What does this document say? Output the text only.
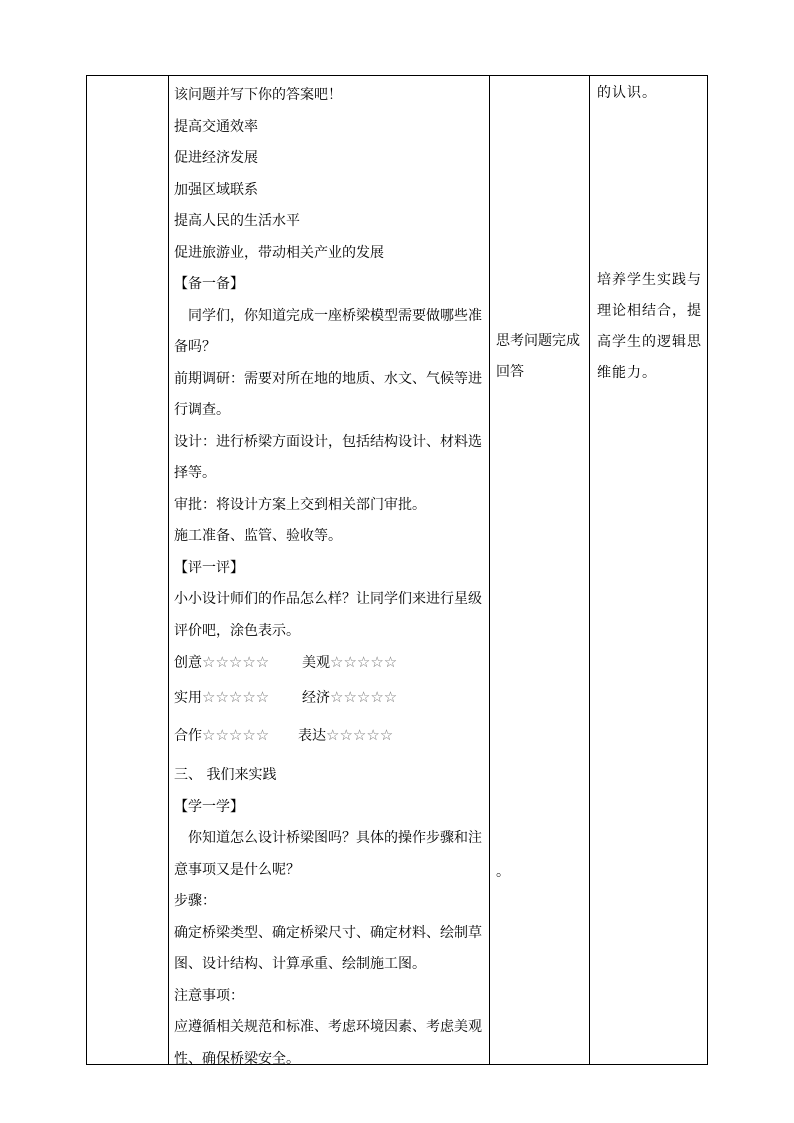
该问题并写下你的答案吧！

提高交通效率

促进经济发展

加强区域联系

提高人民的生活水平

促进旅游业，带动相关产业的发展

【备一备】

同学们，你知道完成一座桥梁模型需要做哪些准备吗？

前期调研：需要对所在地的地质、水文、气候等进行调查。

设计：进行桥梁方面设计，包括结构设计、材料选择等。

审批：将设计方案上交到相关部门审批。

施工准备、监管、验收等。

【评一评】

小小设计师们的作品怎么样？让同学们来进行星级评价吧，涂色表示。

创意☆☆☆☆☆ 美观☆☆☆☆☆
实用☆☆☆☆☆ 经济☆☆☆☆☆
合作☆☆☆☆☆ 表达☆☆☆☆☆

三、 我们来实践

【学一学】

你知道怎么设计桥梁图吗？具体的操作步骤和注意事项又是什么呢？

步骤：

确定桥梁类型、确定桥梁尺寸、确定材料、绘制草图、设计结构、计算承重、绘制施工图。

注意事项：

应遵循相关规范和标准、考虑环境因素、考虑美观性、确保桥梁安全。

思考问题完成回答
。
的认识。
培养学生实践与理论相结合，提高学生的逻辑思维能力。
